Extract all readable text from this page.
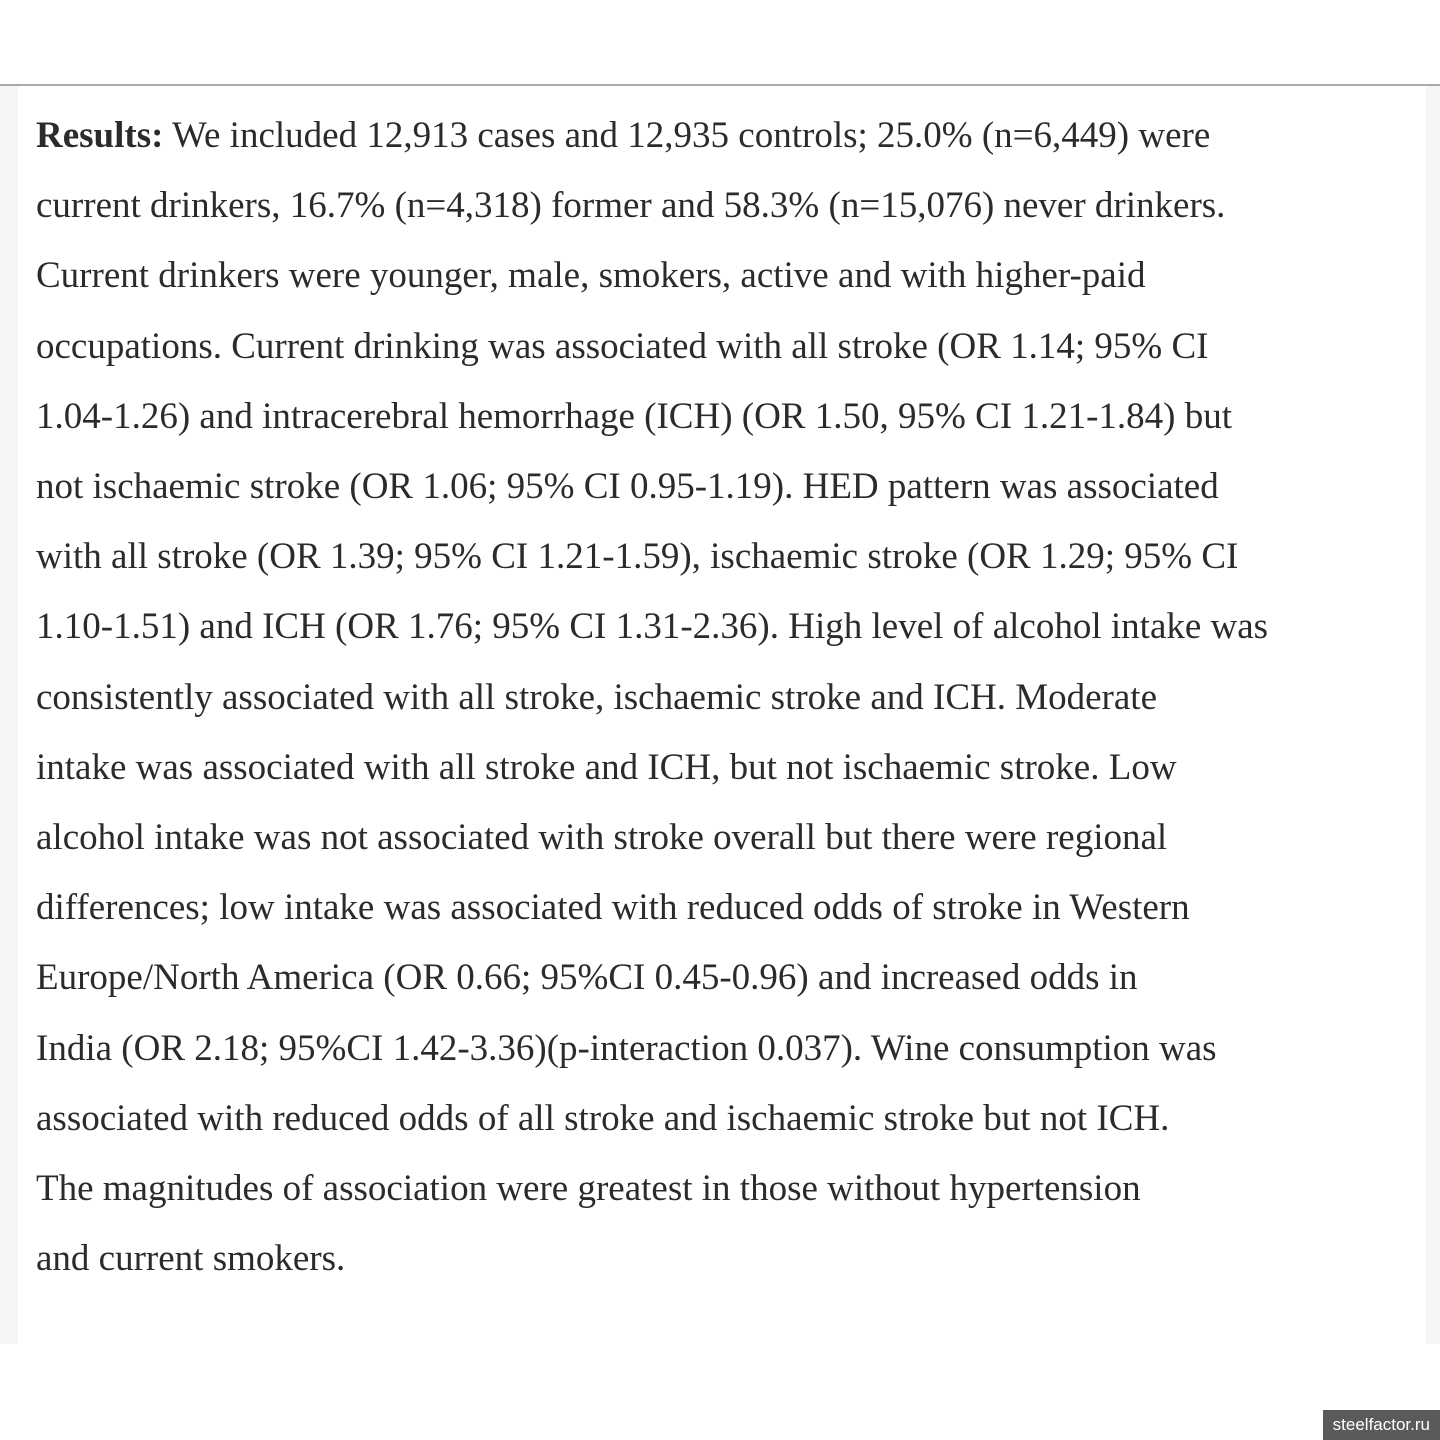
Results: We included 12,913 cases and 12,935 controls; 25.0% (n=6,449) were
current drinkers, 16.7% (n=4,318) former and 58.3% (n=15,076) never drinkers.
Current drinkers were younger, male, smokers, active and with higher-paid
occupations. Current drinking was associated with all stroke (OR 1.14; 95% CI
1.04-1.26) and intracerebral hemorrhage (ICH) (OR 1.50, 95% CI 1.21-1.84) but
not ischaemic stroke (OR 1.06; 95% CI 0.95-1.19). HED pattern was associated
with all stroke (OR 1.39; 95% CI 1.21-1.59), ischaemic stroke (OR 1.29; 95% CI
1.10-1.51) and ICH (OR 1.76; 95% CI 1.31-2.36). High level of alcohol intake was
consistently associated with all stroke, ischaemic stroke and ICH. Moderate
intake was associated with all stroke and ICH, but not ischaemic stroke. Low
alcohol intake was not associated with stroke overall but there were regional
differences; low intake was associated with reduced odds of stroke in Western
Europe/North America (OR 0.66; 95%CI 0.45-0.96) and increased odds in
India (OR 2.18; 95%CI 1.42-3.36)(p-interaction 0.037). Wine consumption was
associated with reduced odds of all stroke and ischaemic stroke but not ICH.
The magnitudes of association were greatest in those without hypertension
and current smokers.

steelfactor.ru
